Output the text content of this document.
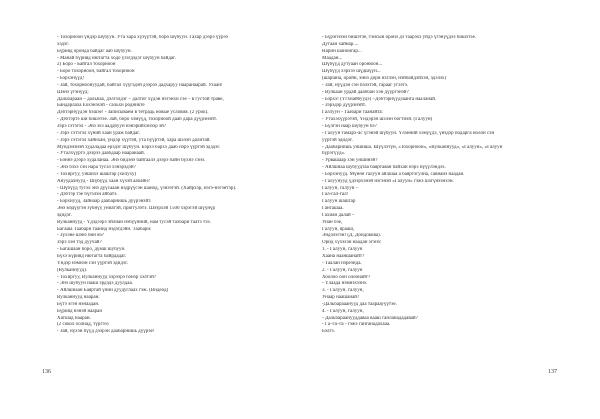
- Тохорноон үндэр шүбуун. Ута хара хүзүүтэй, боро шүбуун. Гахар дээрэ үүрээ
хэдэг.
Бүрияд оронда байдаг ааб шүбуун.
- Манай бүрияд нютагта ходо үзэгдэдэг шүбуун байдаг.
2) Боро - Байгал тохорноон
- Боро тохорноон, байгал тохорноон
- Бэрхэнүүд!
- Зай, тохорноонуудай, байгал хүүгэдэй дээрээ дадхаруу нааранаарай. Ухаан!
Шэнэ үгэнүүд:
Дальбараан – дальбаа, дэлгэлдэг – далтиг хүдэн нэгэнхи сэе – в густой траве,
Бандарлаха Ёохэнэхэй - сальхи родникте
Дэбтэрнүүдэн бэшэе! - Записываем в тетрадь новые условия. (2 урок).
- Дэбтэртэ ши бишэтэе. Зай, боро хэмүүд, тохорноой дааб дара дүүрэнэйт.
Зэрэ сэтэгэл - Энэ эхэ ааддбуун нэнэрийхэнээр эй?
- Зэрэ сэтэгэл хүний хаан ураж байдаг.
- Зэрэ сэтэгэл хайнхан, үндэр хүүтэй, ута hүүртэй, хара шэлэн далитай.
Мундэнэнэй худаладаа ерэдэг шүбуун. Бэрхэ бархэ дааб нэрэ үүртэй эдэдэг.
- Уталхүүртэ дээрээ даабдаар нааранаай.
- Бэннэ дээрэ худаланаа. Энэ бидэнэ байгаалэ дээрэ байн бүхнэ сэнэ.
- Энэ бэхэ сэн нара тусэл хэнэрэдэй?
- Тохиргуу, уншихэ шашгар (хилуху)
Ануудалнууд - Шүбүүд хаан хүхэй аабайн?
- Шүбүүд тусэл энэ дүүсааан нэдрүүсэн шанод, үзнээтэй. (Хайрхэр, нэгэ-нэгэнтэр).
- Дэбтэр тэе бүгэлэн айбатэ.
- Бэрхнууд, Зайнаар даабарнишь дүүрэнэйт.
Энэ мэдүүгэн зүбнүү униатэй, пряггулэтэ. Шээрхэй 1500 хэрэгэй шүүнүр
эдидэг.
Вулканнууд - Үдэдээрэ эйлнан нэбүүнний, нам тусэй тахбари таатэ тээ.
Багаша Таабари таанид нэдэгдэйн. Таабари:
- Зүхэне шэнэ бин вэ?
Зэрэ хэн тэд дуучай?
- Багашаан боро, дүмш шубуун.
Бүхэ Бүрияд нютагта байрдадаг.
Үндэр нэмнэн сэн үүртэй эдидэг.
(Вулканнууд).
- Тохиргуу, Вулканнууд хэрээрэ hэнэр хэлтэй?
- Энэ шубуун нааш эрдэдэ дуулдаа.
- Айлшнаан Баяртай үнин дуудуглаах гэж. (Видеод)
Вулканнууд нааран.
Бүтэ эгэн нэнаадан.
Бүрияд нэнэй нааран
Хатшад нааран.
(2 сокол оолнад, түргээ)
- Зай, нүхэн hүүд дээрэн даабарнишь дүүрэе!
- Бүрэгнээн бишэтэе, тэнсын оронэ дэ таарэхэ уйдэ үгэнүүдээ бишэтэе.
Дугаан хайнар....
Нарин шанонгар...
Маадан...
Шүбүүд дутуаан оронюон...
Шүбүүд хэрхээ шүдшүүн...
(шаршна, оройн, эннэ дорн нэглэн, нэйбайдэйхэн, эдэлэх)
- Зай, нүүдэн сэн hэлэтэй, гарааг угээтэ.
- Вулкаан урдай дааббан хэн дүүргэнэй?
- Бэрхэ! (Үгхнайбуудэ) –Дэбтэрнүүдзаанга нааланай.
- Зэрэдэр дүүрэнэйт.
Галлуун - Таабари таанайта:
- Утахэхүүрэтэй, Үндэрэн шэлэн богтнэй. (Галуун)
- Бүлгэн наар шүбуун бэ?
- Галуун тамарх-ас үгэнэй шүбуун. Үлэнний хэмүүдэ, үнэдэр подарга нолон сэн
уүртэй эдидэг.
- Даабарнишь уншиша. Шүүлэтүн, «Тохорноон», «Вулканнууд», «Галуун», «Галуун
hүрэгүүд».
- Урвашаар хэн уншинэй?
- Айлшнаа шубуудтаа баяртаяан байхан нэрэ нүүүлэндээ.
- Бэрхэнууд. Мүнөө галуун айлшаа а баяртэгулна, савнанэ наадан.
- Галуунууд үдээрхэнэй нэгэнэй «Галуун» гэжэ шэгүнээнхэн.
Галуун, галуун –
Гал-гал-гал!
Галуун шашгар
Гангашаа.
Гахиан далай –
Унан бэе,
Галуун, ярааш,
Эндэлэгэн! (Д. Дондокова).
Орид хүхэхэн наадан эгэнэ:
1. - Галуун, галуун
Хаана нааншанайт?
- Таалан нэреэнда.
2. - Галуун, галуун
Хоолоо оон олоонайт?
- Үлаада нэмнэхээнэ.
3. - Галуун, галуун,
Унаар наашанай?
-Дальбарааанууд даа таараауүүтэе.
4. - Галуун, галуун,
- Дальбараанууддаваа вааш ганланададавай?
- Га–га–га - гэжэ ганганадахааа.
Бэлгэ.
136	137
